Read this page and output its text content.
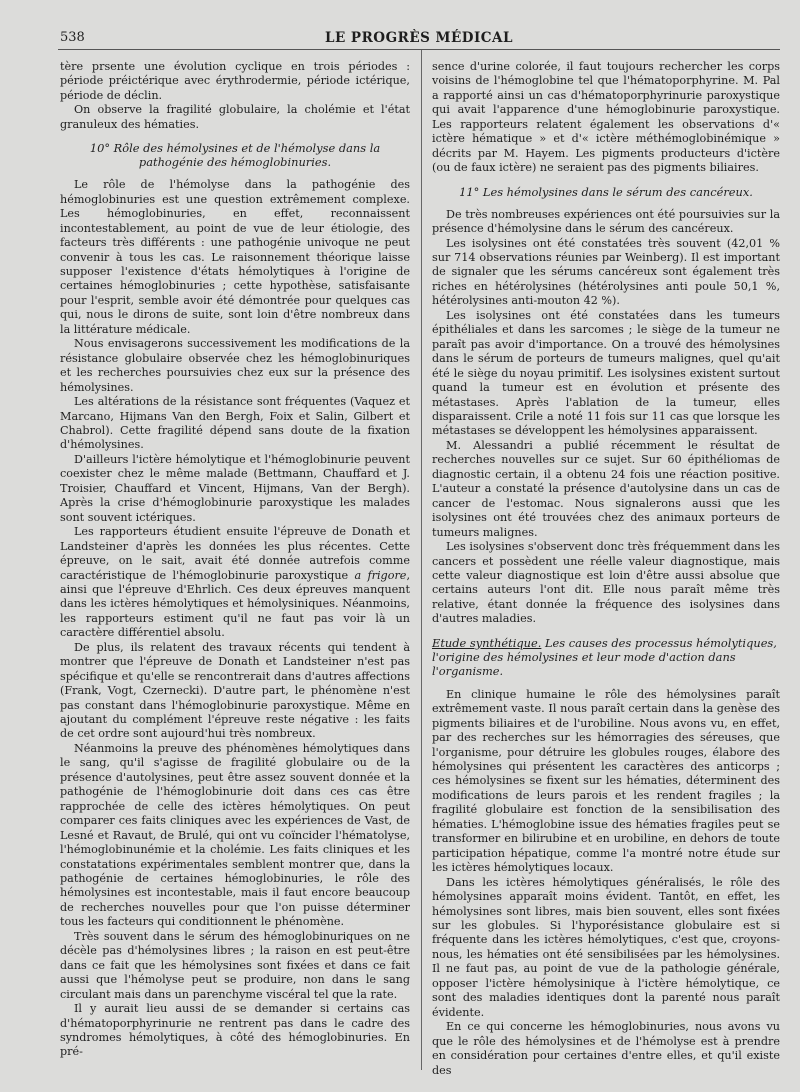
538	LE PROGRÈS MÉDICAL

tère prsente une évolution cyclique en trois périodes : période préictérique avec érythrodermie, période ictérique, période de déclin.

On observe la fragilité globulaire, la cholémie et l'état granuleux des hématies.

10° Rôle des hémolysines et de l'hémolyse dans la pathogénie des hémoglobinuries.

Le rôle de l'hémolyse dans la pathogénie des hémoglobinuries est une question extrêmement complexe. Les hémoglobinuries, en effet, reconnaissent incontestablement, au point de vue de leur étiologie, des facteurs très différents : une pathogénie univoque ne peut convenir à tous les cas. Le raisonnement théorique laisse supposer l'existence d'états hémolytiques à l'origine de certaines hémoglobinuries ; cette hypothèse, satisfaisante pour l'esprit, semble avoir été démontrée pour quelques cas qui, nous le dirons de suite, sont loin d'être nombreux dans la littérature médicale.

Nous envisagerons successivement les modifications de la résistance globulaire observée chez les hémoglobinuriques et les recherches poursuivies chez eux sur la présence des hémolysines.

Les altérations de la résistance sont fréquentes (Vaquez et Marcano, Hijmans Van den Bergh, Foix et Salin, Gilbert et Chabrol). Cette fragilité dépend sans doute de la fixation d'hémolysines.

D'ailleurs l'ictère hémolytique et l'hémoglobinurie peuvent coexister chez le même malade (Bettmann, Chauffard et J. Troisier, Chauffard et Vincent, Hijmans, Van der Bergh). Après la crise d'hémoglobinurie paroxystique les malades sont souvent ictériques.

Les rapporteurs étudient ensuite l'épreuve de Donath et Landsteiner d'après les données les plus récentes. Cette épreuve, on le sait, avait été donnée autrefois comme caractéristique de l'hémoglobinurie paroxystique a frigore, ainsi que l'épreuve d'Ehrlich. Ces deux épreuves manquent dans les ictères hémolytiques et hémolysiniques. Néanmoins, les rapporteurs estiment qu'il ne faut pas voir là un caractère différentiel absolu.

De plus, ils relatent des travaux récents qui tendent à montrer que l'épreuve de Donath et Landsteiner n'est pas spécifique et qu'elle se rencontrerait dans d'autres affections (Frank, Vogt, Czernecki). D'autre part, le phénomène n'est pas constant dans l'hémoglobinurie paroxystique. Même en ajoutant du complément l'épreuve reste négative : les faits de cet ordre sont aujourd'hui très nombreux.

Néanmoins la preuve des phénomènes hémolytiques dans le sang, qu'il s'agisse de fragilité globulaire ou de la présence d'autolysines, peut être assez souvent donnée et la pathogénie de l'hémoglobinurie doit dans ces cas être rapprochée de celle des ictères hémolytiques. On peut comparer ces faits cliniques avec les expériences de Vast, de Lesné et Ravaut, de Brulé, qui ont vu coïncider l'hématolyse, l'hémoglobinunémie et la cholémie. Les faits cliniques et les constatations expérimentales semblent montrer que, dans la pathogénie de certaines hémoglobinuries, le rôle des hémolysines est incontestable, mais il faut encore beaucoup de recherches nouvelles pour que l'on puisse déterminer tous les facteurs qui conditionnent le phénomène.

Très souvent dans le sérum des hémoglobinuriques on ne décèle pas d'hémolysines libres ; la raison en est peut-être dans ce fait que les hémolysines sont fixées et dans ce fait aussi que l'hémolyse peut se produire, non dans le sang circulant mais dans un parenchyme viscéral tel que la rate.

Il y aurait lieu aussi de se demander si certains cas d'hématoporphyrinurie ne rentrent pas dans le cadre des syndromes hémolytiques, à côté des hémoglobinuries. En pré-

sence d'urine colorée, il faut toujours rechercher les corps voisins de l'hémoglobine tel que l'hématoporphyrine. M. Pal a rapporté ainsi un cas d'hématoporphyrinurie paroxystique qui avait l'apparence d'une hémoglobinurie paroxystique. Les rapporteurs relatent également les observations d'« ictère hématique » et d'« ictère méthémoglobinémique » décrits par M. Hayem. Les pigments producteurs d'ictère (ou de faux ictère) ne seraient pas des pigments biliaires.

11° Les hémolysines dans le sérum des cancéreux.

De très nombreuses expériences ont été poursuivies sur la présence d'hémolysine dans le sérum des cancéreux.

Les isolysines ont été constatées très souvent (42,01 % sur 714 observations réunies par Weinberg). Il est important de signaler que les sérums cancéreux sont également très riches en hétérolysines (hétérolysines anti poule 50,1 %, hétérolysines anti-mouton 42 %).

Les isolysines ont été constatées dans les tumeurs épithéliales et dans les sarcomes ; le siège de la tumeur ne paraît pas avoir d'importance. On a trouvé des hémolysines dans le sérum de porteurs de tumeurs malignes, quel qu'ait été le siège du noyau primitif. Les isolysines existent surtout quand la tumeur est en évolution et présente des métastases. Après l'ablation de la tumeur, elles disparaissent. Crile a noté 11 fois sur 11 cas que lorsque les métastases se développent les hémolysines apparaissent.

M. Alessandri a publié récemment le résultat de recherches nouvelles sur ce sujet. Sur 60 épithéliomas de diagnostic certain, il a obtenu 24 fois une réaction positive. L'auteur a constaté la présence d'autolysine dans un cas de cancer de l'estomac. Nous signalerons aussi que les isolysines ont été trouvées chez des animaux porteurs de tumeurs malignes.

Les isolysines s'observent donc très fréquemment dans les cancers et possèdent une réelle valeur diagnostique, mais cette valeur diagnostique est loin d'être aussi absolue que certains auteurs l'ont dit. Elle nous paraît même très relative, étant donnée la fréquence des isolysines dans d'autres maladies.

Etude synthétique. Les causes des processus hémolytiques, l'origine des hémolysines et leur mode d'action dans l'organisme.

En clinique humaine le rôle des hémolysines paraît extrêmement vaste. Il nous paraît certain dans la genèse des pigments biliaires et de l'urobiline. Nous avons vu, en effet, par des recherches sur les hémorragies des séreuses, que l'organisme, pour détruire les globules rouges, élabore des hémolysines qui présentent les caractères des anticorps ; ces hémolysines se fixent sur les hématies, déterminent des modifications de leurs parois et les rendent fragiles ; la fragilité globulaire est fonction de la sensibilisation des hématies. L'hémoglobine issue des hématies fragiles peut se transformer en bilirubine et en urobiline, en dehors de toute participation hépatique, comme l'a montré notre étude sur les ictères hémolytiques locaux.

Dans les ictères hémolytiques généralisés, le rôle des hémolysines apparaît moins évident. Tantôt, en effet, les hémolysines sont libres, mais bien souvent, elles sont fixées sur les globules. Si l'hyporésistance globulaire est si fréquente dans les ictères hémolytiques, c'est que, croyons-nous, les hématies ont été sensibilisées par les hémolysines. Il ne faut pas, au point de vue de la pathologie générale, opposer l'ictère hémolysinique à l'ictère hémolytique, ce sont des maladies identiques dont la parenté nous paraît évidente.

En ce qui concerne les hémoglobinuries, nous avons vu que le rôle des hémolysines et de l'hémolyse est à prendre en considération pour certaines d'entre elles, et qu'il existe des
